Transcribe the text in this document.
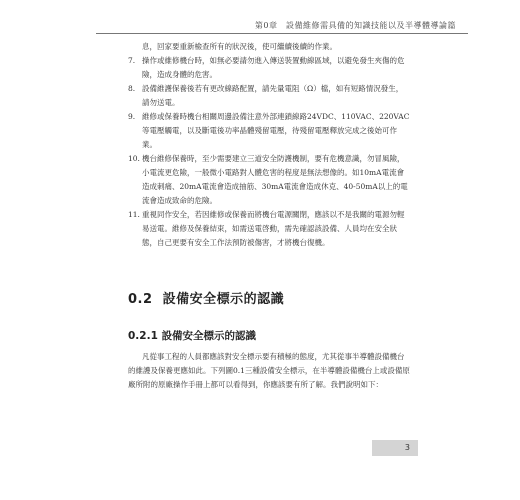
第0章　設備維修需具備的知識技能以及半導體導論篇
息，回家要重新檢查所有的狀況後，使可繼續後續的作業。
7. 操作或維修機台時，如無必要請勿進入傳送裝置動線區域，以避免發生夾傷的危險，造成身體的危害。
8. 設備維護保養後若有更改線路配置，請先量電阻（Ω）檔，如有短路情況發生，請勿送電。
9. 維修或保養時機台相關周邊設備注意外部連鎖線路24VDC、110VAC、220VAC等電壓觸電，以及斷電後功率晶體殘留電壓，待殘留電壓釋放完成之後始可作業。
10. 機台維修保養時，至少需要建立三道安全防護機制，要有危機意識，勿冒風險，小電流更危險，一般微小電路對人體危害的程度是無法想像的。如10mA電流會造成刺痛、20mA電流會造成抽筋、30mA電流會造成休克、40-50mA以上的電流會造成致命的危險。
11. 重視同作安全，若因維修或保養而將機台電源關閉，應該以不是我關的電源勿輕易送電。維修及保養結束，如需送電啓動，需先確認該設備、人員均在安全狀態，自己更要有安全工作法預防被傷害，才將機台復機。
0.2 設備安全標示的認識
0.2.1 設備安全標示的認識

凡從事工程的人員都應該對安全標示要有積極的態度，尤其從事半導體設備機台的維護及保養更應如此。下列圖0.1三種設備安全標示，在半導體設備機台上或設備原廠所附的原廠操作手冊上都可以看得到，你應該要有所了解。我們說明如下：

3
